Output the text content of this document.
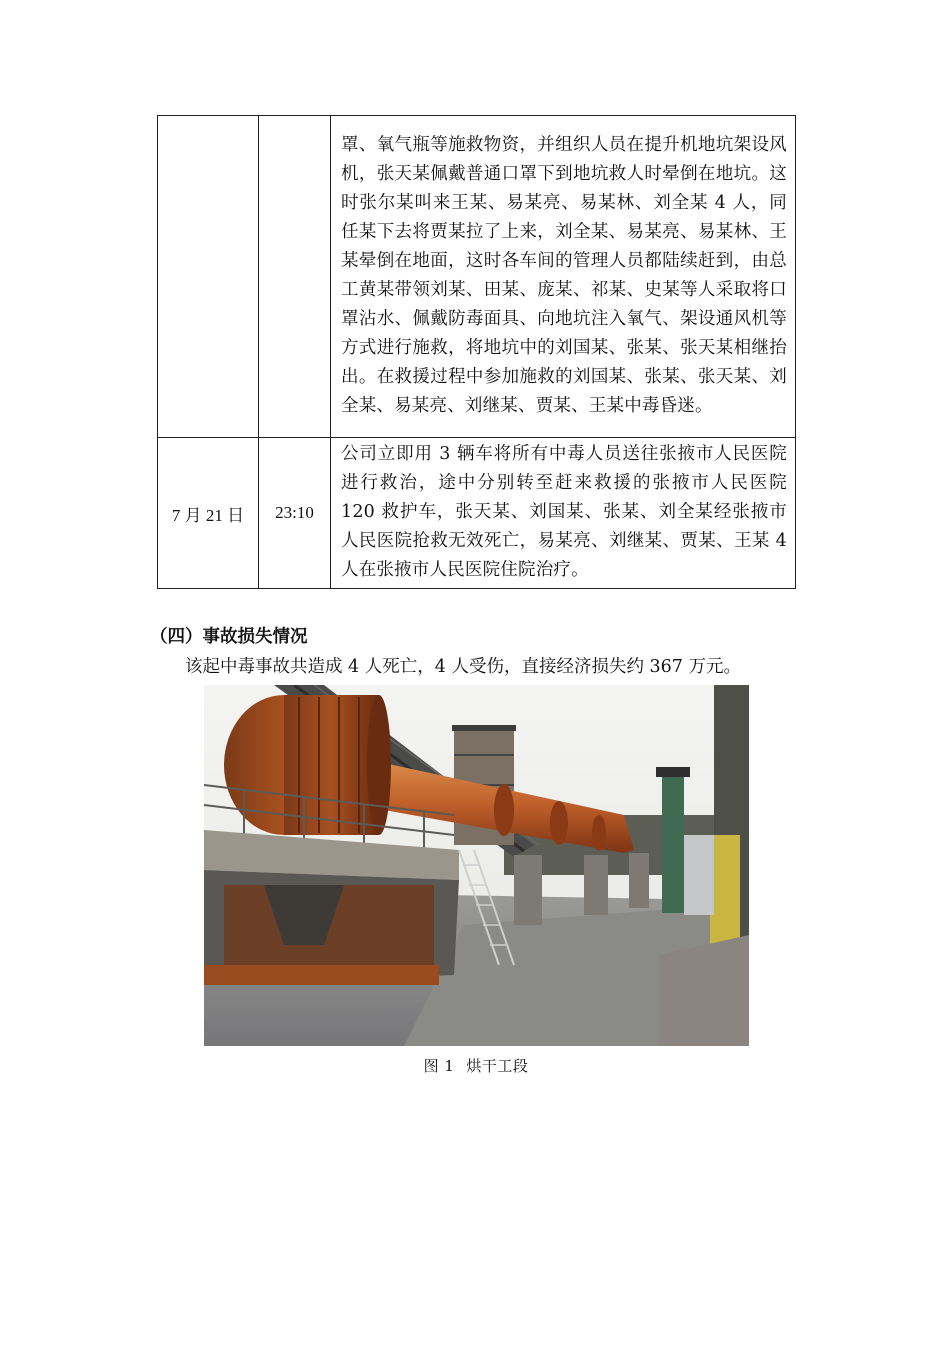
		罩、氧气瓶等施救物资，并组织人员在提升机地坑架设风机，张天某佩戴普通口罩下到地坑救人时晕倒在地坑。这时张尔某叫来王某、易某亮、易某林、刘全某 4 人，同任某下去将贾某拉了上来，刘全某、易某亮、易某林、王某晕倒在地面，这时各车间的管理人员都陆续赶到，由总工黄某带领刘某、田某、庞某、祁某、史某等人采取将口罩沾水、佩戴防毒面具、向地坑注入氧气、架设通风机等方式进行施救，将地坑中的刘国某、张某、张天某相继抬出。在救援过程中参加施救的刘国某、张某、张天某、刘全某、易某亮、刘继某、贾某、王某中毒昏迷。
7 月 21 日	23:10	公司立即用 3 辆车将所有中毒人员送往张掖市人民医院进行救治，途中分别转至赶来救援的张掖市人民医院 120 救护车，张天某、刘国某、张某、刘全某经张掖市人民医院抢救无效死亡，易某亮、刘继某、贾某、王某 4 人在张掖市人民医院住院治疗。
（四）事故损失情况
该起中毒事故共造成 4 人死亡，4 人受伤，直接经济损失约 367 万元。
图 1 烘干工段
